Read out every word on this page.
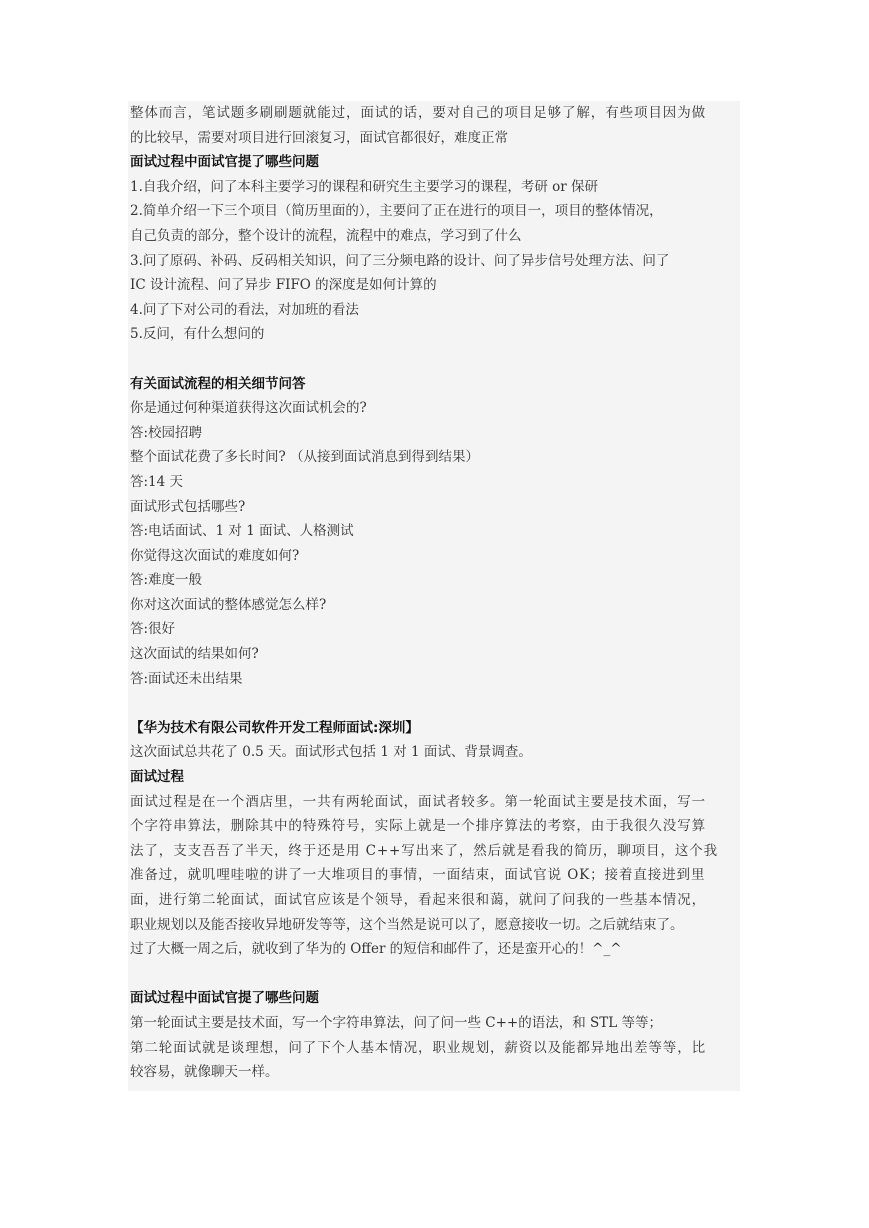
整体而言，笔试题多刷刷题就能过，面试的话，要对自己的项目足够了解，有些项目因为做
的比较早，需要对项目进行回滚复习，面试官都很好，难度正常
面试过程中面试官提了哪些问题
1.自我介绍，问了本科主要学习的课程和研究生主要学习的课程，考研 or 保研
2.简单介绍一下三个项目（简历里面的），主要问了正在进行的项目一，项目的整体情况，
自己负责的部分，整个设计的流程，流程中的难点，学习到了什么
3.问了原码、补码、反码相关知识，问了三分频电路的设计、问了异步信号处理方法、问了
IC 设计流程、问了异步 FIFO 的深度是如何计算的
4.问了下对公司的看法，对加班的看法
5.反问，有什么想问的
有关面试流程的相关细节问答
你是通过何种渠道获得这次面试机会的?
答:校园招聘
整个面试花费了多长时间? （从接到面试消息到得到结果）
答:14 天
面试形式包括哪些?
答:电话面试、1 对 1 面试、人格测试
你觉得这次面试的难度如何?
答:难度一般
你对这次面试的整体感觉怎么样?
答:很好
这次面试的结果如何?
答:面试还未出结果
【华为技术有限公司软件开发工程师面试:深圳】
这次面试总共花了 0.5 天。面试形式包括 1 对 1 面试、背景调查。
面试过程
面试过程是在一个酒店里，一共有两轮面试，面试者较多。第一轮面试主要是技术面，写一
个字符串算法，删除其中的特殊符号，实际上就是一个排序算法的考察，由于我很久没写算
法了，支支吾吾了半天，终于还是用 C++写出来了，然后就是看我的简历，聊项目，这个我
准备过，就叽哩哇啦的讲了一大堆项目的事情，一面结束，面试官说 OK；接着直接进到里
面，进行第二轮面试，面试官应该是个领导，看起来很和蔼，就问了问我的一些基本情况，
职业规划以及能否接收异地研发等等，这个当然是说可以了，愿意接收一切。之后就结束了。
过了大概一周之后，就收到了华为的 Offer 的短信和邮件了，还是蛮开心的！^_^
面试过程中面试官提了哪些问题
第一轮面试主要是技术面，写一个字符串算法，问了问一些 C++的语法，和 STL 等等；
第二轮面试就是谈理想，问了下个人基本情况，职业规划，薪资以及能都异地出差等等，比
较容易，就像聊天一样。
